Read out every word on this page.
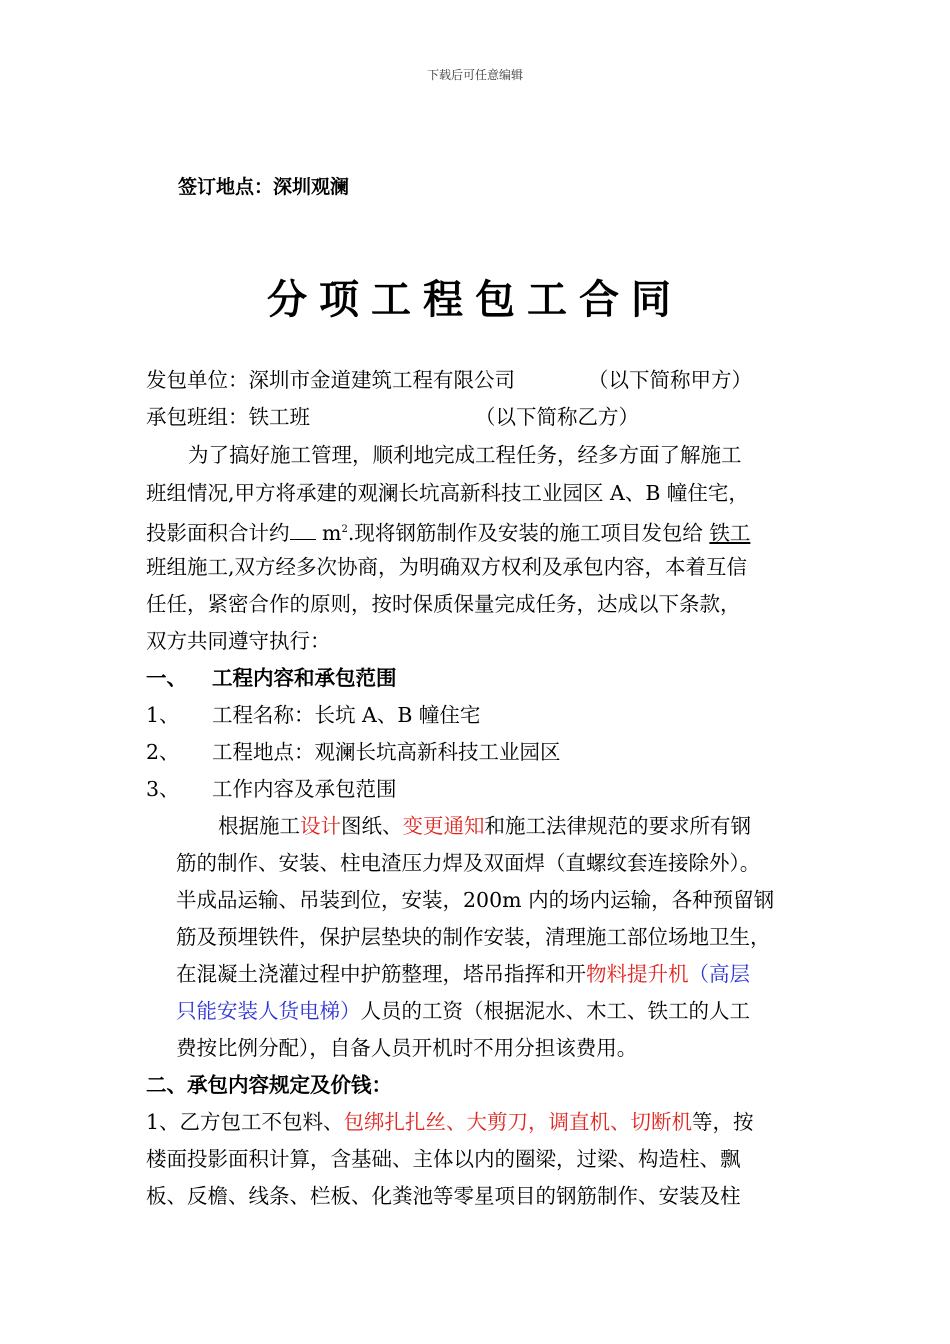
下载后可任意编辑
签订地点：深圳观澜
分项工程包工合同
发包单位：深圳市金道建筑工程有限公司	（以下简称甲方）
承包班组：铁工班	（以下简称乙方）
为了搞好施工管理，顺利地完成工程任务，经多方面了解施工
班组情况,甲方将承建的观澜长坑高新科技工业园区 A、B 幢住宅，
投影面积合计约 $m^2$.现将钢筋制作及安装的施工项目发包给 铁工
班组施工,双方经多次协商，为明确双方权利及承包内容，本着互信
任任，紧密合作的原则，按时保质保量完成任务，达成以下条款，
双方共同遵守执行：
一、 工程内容和承包范围
1、 工程名称：长坑 A、B 幢住宅
2、 工程地点：观澜长坑高新科技工业园区
3、 工作内容及承包范围
根据施工设计图纸、变更通知和施工法律规范的要求所有钢
筋的制作、安装、柱电渣压力焊及双面焊（直螺纹套连接除外）。
半成品运输、吊装到位，安装，200m 内的场内运输，各种预留钢
筋及预埋铁件，保护层垫块的制作安装，清理施工部位场地卫生，
在混凝土浇灌过程中护筋整理，塔吊指挥和开物料提升机（高层
只能安装人货电梯）人员的工资（根据泥水、木工、铁工的人工
费按比例分配），自备人员开机时不用分担该费用。
二、承包内容规定及价钱：
1、乙方包工不包料、包绑扎扎丝、大剪刀，调直机、切断机等，按
楼面投影面积计算，含基础、主体以内的圈梁，过梁、构造柱、飘
板、反檐、线条、栏板、化粪池等零星项目的钢筋制作、安装及柱
